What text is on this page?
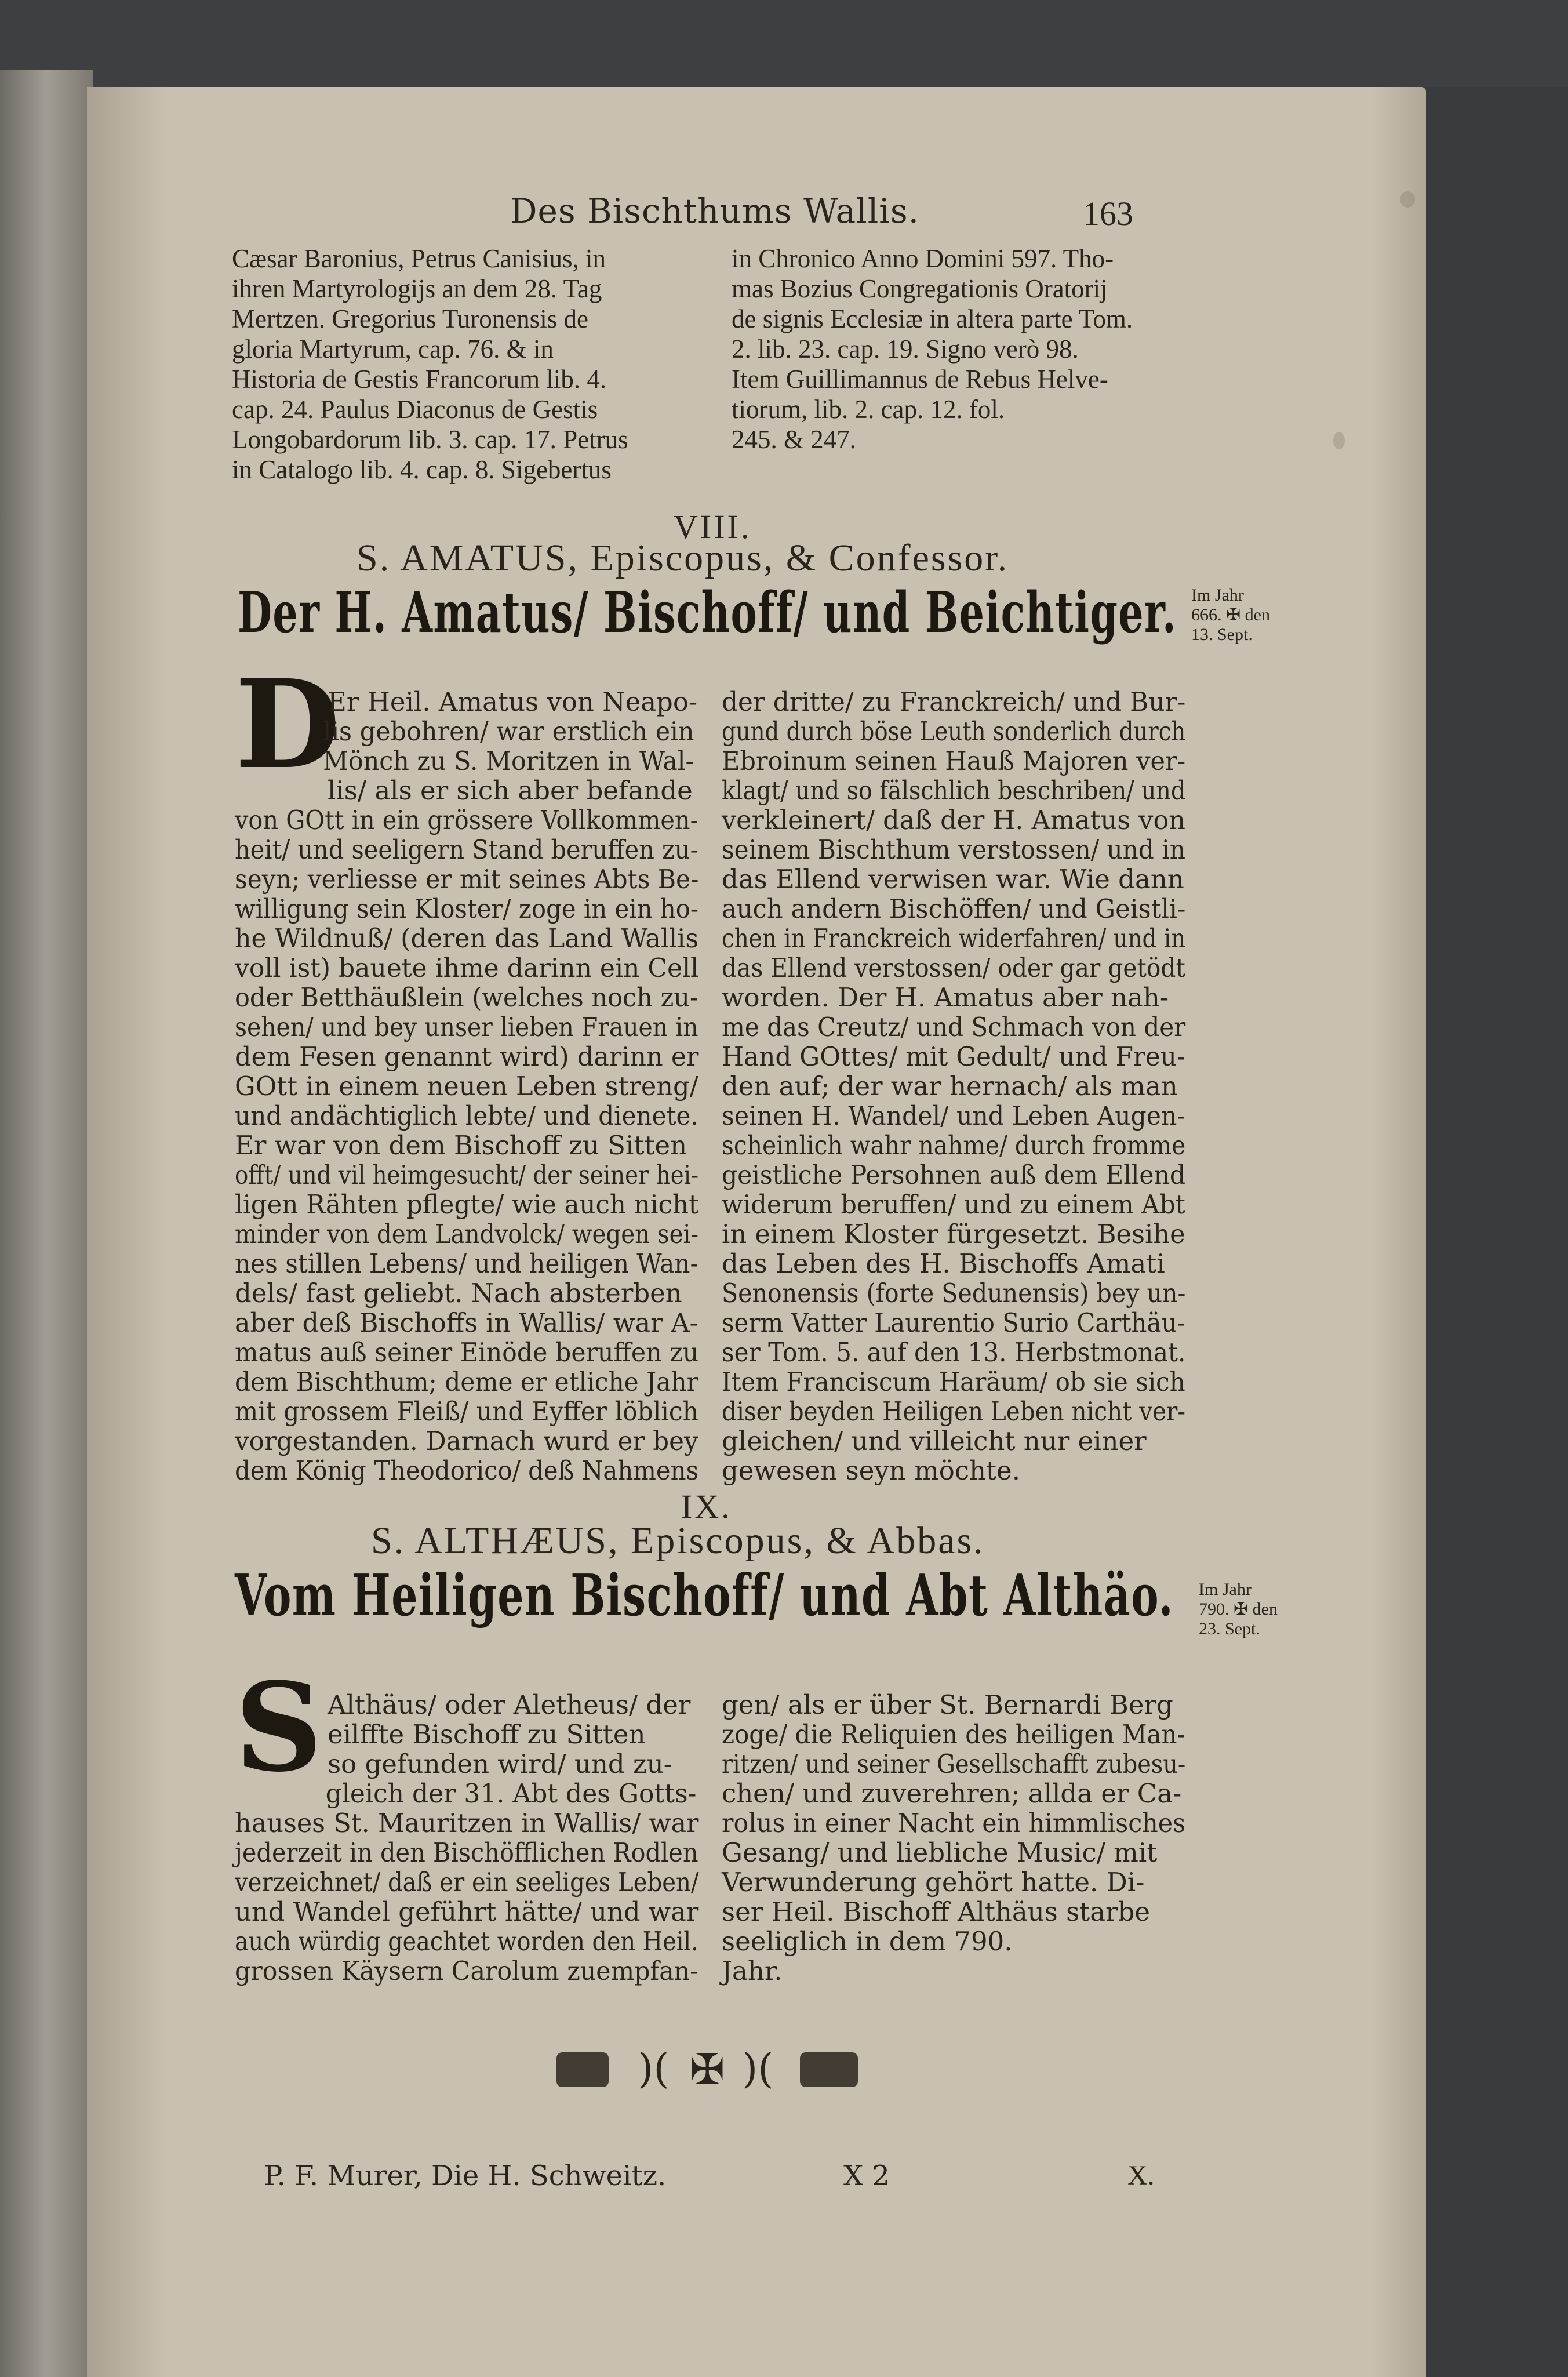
Des Bischthums Wallis.	163
Cæsar Baronius, Petrus Canisius, in
ihren Martyrologijs an dem 28. Tag
Mertzen. Gregorius Turonensis de
gloria Martyrum, cap. 76. & in
Historia de Gestis Francorum lib. 4.
cap. 24. Paulus Diaconus de Gestis
Longobardorum lib. 3. cap. 17. Petrus
in Catalogo lib. 4. cap. 8. Sigebertus
in Chronico Anno Domini 597. Tho-
mas Bozius Congregationis Oratorij
de signis Ecclesiæ in altera parte Tom.
2. lib. 23. cap. 19. Signo verò 98.
Item Guillimannus de Rebus Helve-
tiorum, lib. 2. cap. 12. fol.
245. & 247.
VIII.
S. AMATUS, Episcopus, & Confessor.
Der H. Amatus/ Bischoff/ und Beichtiger. Im Jahr
666. ✠ den
13. Sept.
D
Er Heil. Amatus von Neapo-
lis gebohren/ war erstlich ein
Mönch zu S. Moritzen in Wal-
lis/ als er sich aber befande
von GOtt in ein grössere Vollkommen-
heit/ und seeligern Stand beruffen zu-
seyn; verliesse er mit seines Abts Be-
willigung sein Kloster/ zoge in ein ho-
he Wildnuß/ (deren das Land Wallis
voll ist) bauete ihme darinn ein Cell
oder Betthäußlein (welches noch zu-
sehen/ und bey unser lieben Frauen in
dem Fesen genannt wird) darinn er
GOtt in einem neuen Leben streng/
und andächtiglich lebte/ und dienete.
Er war von dem Bischoff zu Sitten
offt/ und vil heimgesucht/ der seiner hei-
ligen Rähten pflegte/ wie auch nicht
minder von dem Landvolck/ wegen sei-
nes stillen Lebens/ und heiligen Wan-
dels/ fast geliebt. Nach absterben
aber deß Bischoffs in Wallis/ war A-
matus auß seiner Einöde beruffen zu
dem Bischthum; deme er etliche Jahr
mit grossem Fleiß/ und Eyffer löblich
vorgestanden. Darnach wurd er bey
dem König Theodorico/ deß Nahmens
der dritte/ zu Franckreich/ und Bur-
gund durch böse Leuth sonderlich durch
Ebroinum seinen Hauß Majoren ver-
klagt/ und so fälschlich beschriben/ und
verkleinert/ daß der H. Amatus von
seinem Bischthum verstossen/ und in
das Ellend verwisen war. Wie dann
auch andern Bischöffen/ und Geistli-
chen in Franckreich widerfahren/ und in
das Ellend verstossen/ oder gar getödt
worden. Der H. Amatus aber nah-
me das Creutz/ und Schmach von der
Hand GOttes/ mit Gedult/ und Freu-
den auf; der war hernach/ als man
seinen H. Wandel/ und Leben Augen-
scheinlich wahr nahme/ durch fromme
geistliche Persohnen auß dem Ellend
widerum beruffen/ und zu einem Abt
in einem Kloster fürgesetzt. Besihe
das Leben des H. Bischoffs Amati
Senonensis (forte Sedunensis) bey un-
serm Vatter Laurentio Surio Carthäu-
ser Tom. 5. auf den 13. Herbstmonat.
Item Franciscum Haräum/ ob sie sich
diser beyden Heiligen Leben nicht ver-
gleichen/ und villeicht nur einer
gewesen seyn möchte.
IX.
S. ALTHÆUS, Episcopus, & Abbas.
Vom Heiligen Bischoff/ und Abt Althäo. Im Jahr
790. ✠ den
23. Sept.
S Althäus/ oder Aletheus/ der
eilffte Bischoff zu Sitten
so gefunden wird/ und zu-
gleich der 31. Abt des Gotts-
hauses St. Mauritzen in Wallis/ war
jederzeit in den Bischöfflichen Rodlen
verzeichnet/ daß er ein seeliges Leben/
und Wandel geführt hätte/ und war
auch würdig geachtet worden den Heil.
grossen Käysern Carolum zuempfan-
gen/ als er über St. Bernardi Berg
zoge/ die Reliquien des heiligen Man-
ritzen/ und seiner Gesellschafft zubesu-
chen/ und zuverehren; allda er Ca-
rolus in einer Nacht ein himmlisches
Gesang/ und liebliche Music/ mit
Verwunderung gehört hatte. Di-
ser Heil. Bischoff Althäus starbe
seeliglich in dem 790.
Jahr.
)( ✠ )(
P. F. Murer, Die H. Schweitz.	X 2	X.
